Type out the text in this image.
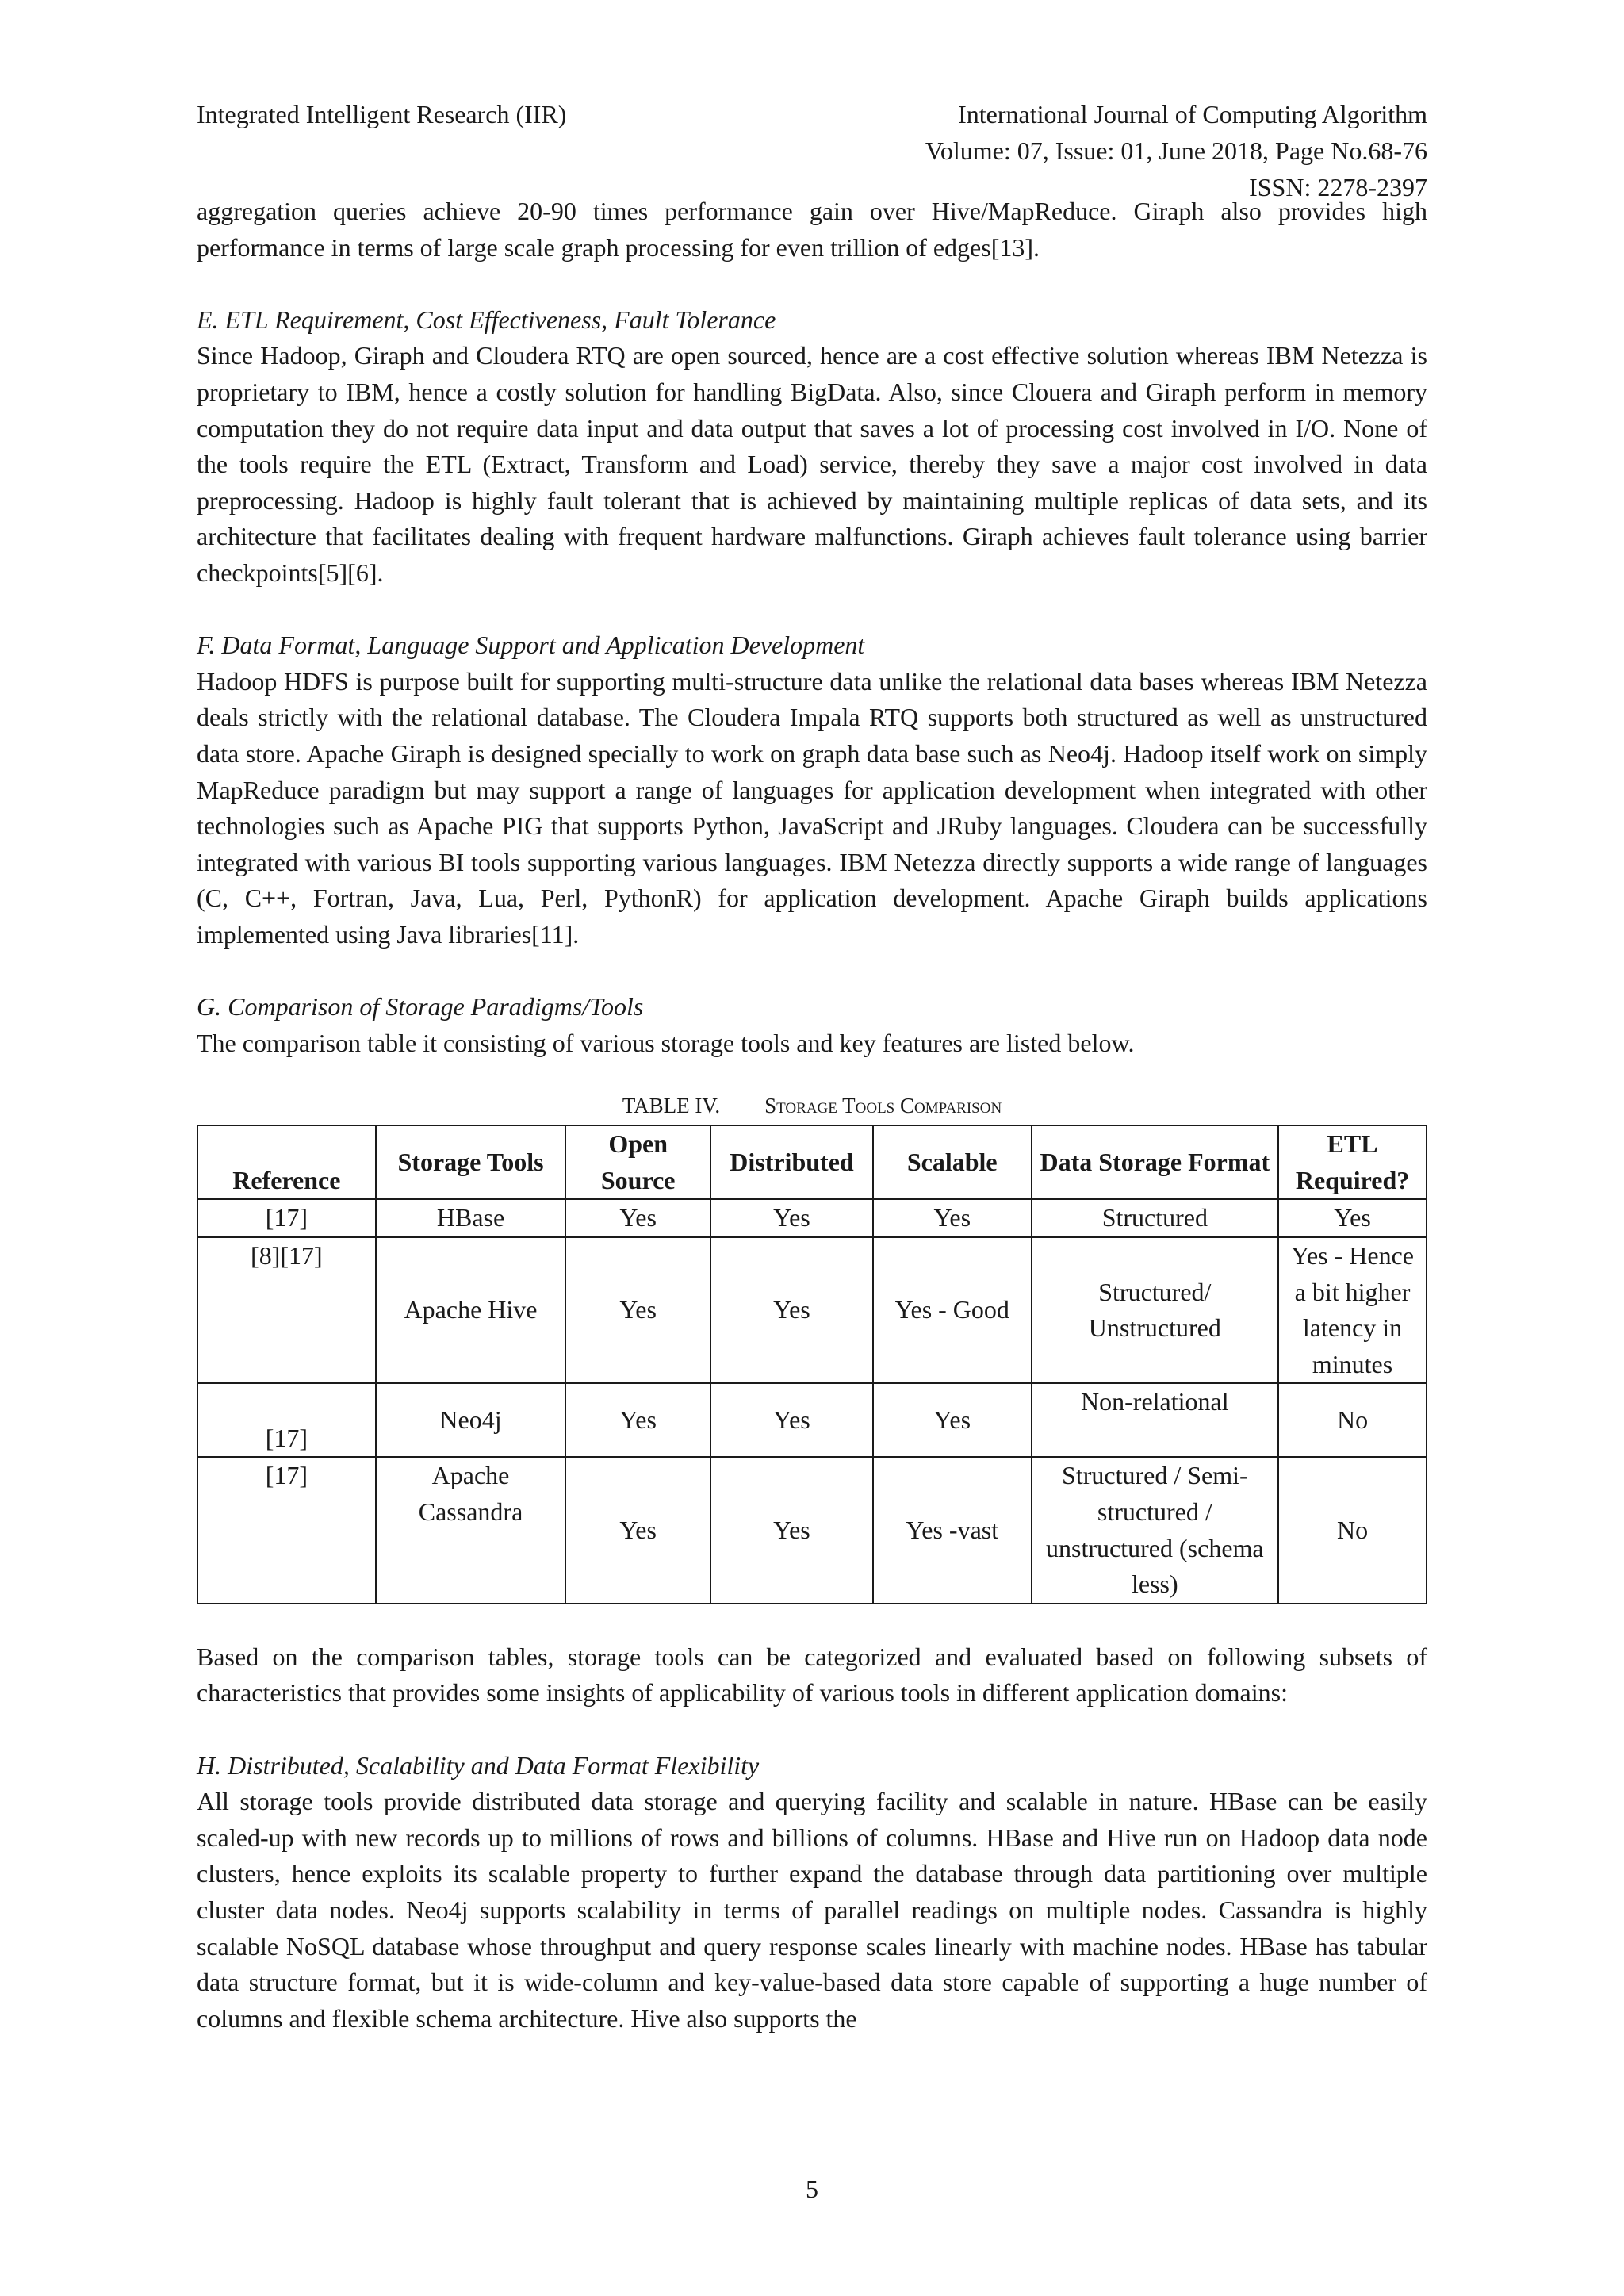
Integrated Intelligent Research (IIR)	International Journal of Computing Algorithm
Volume: 07, Issue: 01, June 2018, Page No.68-76
ISSN: 2278-2397

aggregation queries achieve 20-90 times performance gain over Hive/MapReduce. Giraph also provides high performance in terms of large scale graph processing for even trillion of edges[13].

E. ETL Requirement, Cost Effectiveness, Fault Tolerance

Since Hadoop, Giraph and Cloudera RTQ are open sourced, hence are a cost effective solution whereas IBM Netezza is proprietary to IBM, hence a costly solution for handling BigData. Also, since Clouera and Giraph perform in memory computation they do not require data input and data output that saves a lot of processing cost involved in I/O. None of the tools require the ETL (Extract, Transform and Load) service, thereby they save a major cost involved in data preprocessing. Hadoop is highly fault tolerant that is achieved by maintaining multiple replicas of data sets, and its architecture that facilitates dealing with frequent hardware malfunctions. Giraph achieves fault tolerance using barrier checkpoints[5][6].

F. Data Format, Language Support and Application Development

Hadoop HDFS is purpose built for supporting multi-structure data unlike the relational data bases whereas IBM Netezza deals strictly with the relational database. The Cloudera Impala RTQ supports both structured as well as unstructured data store. Apache Giraph is designed specially to work on graph data base such as Neo4j. Hadoop itself work on simply MapReduce paradigm but may support a range of languages for application development when integrated with other technologies such as Apache PIG that supports Python, JavaScript and JRuby languages. Cloudera can be successfully integrated with various BI tools supporting various languages. IBM Netezza directly supports a wide range of languages (C, C++, Fortran, Java, Lua, Perl, PythonR) for application development. Apache Giraph builds applications implemented using Java libraries[11].

G. Comparison of Storage Paradigms/Tools

The comparison table it consisting of various storage tools and key features are listed below.

TABLE IV. Storage Tools Comparison
Reference	Storage Tools	Open Source	Distributed	Scalable	Data Storage Format	ETL Required?
[17]	HBase	Yes	Yes	Yes	Structured	Yes
[8][17]	Apache Hive	Yes	Yes	Yes - Good	Structured/ Unstructured	Yes - Hence a bit higher latency in minutes
[17]	Neo4j	Yes	Yes	Yes	Non-relational	No
[17]	Apache Cassandra	Yes	Yes	Yes -vast	Structured / Semi-structured / unstructured (schema less)	No

Based on the comparison tables, storage tools can be categorized and evaluated based on following subsets of characteristics that provides some insights of applicability of various tools in different application domains:

H. Distributed, Scalability and Data Format Flexibility

All storage tools provide distributed data storage and querying facility and scalable in nature. HBase can be easily scaled-up with new records up to millions of rows and billions of columns. HBase and Hive run on Hadoop data node clusters, hence exploits its scalable property to further expand the database through data partitioning over multiple cluster data nodes. Neo4j supports scalability in terms of parallel readings on multiple nodes. Cassandra is highly scalable NoSQL database whose throughput and query response scales linearly with machine nodes. HBase has tabular data structure format, but it is wide-column and key-value-based data store capable of supporting a huge number of columns and flexible schema architecture. Hive also supports the

5
